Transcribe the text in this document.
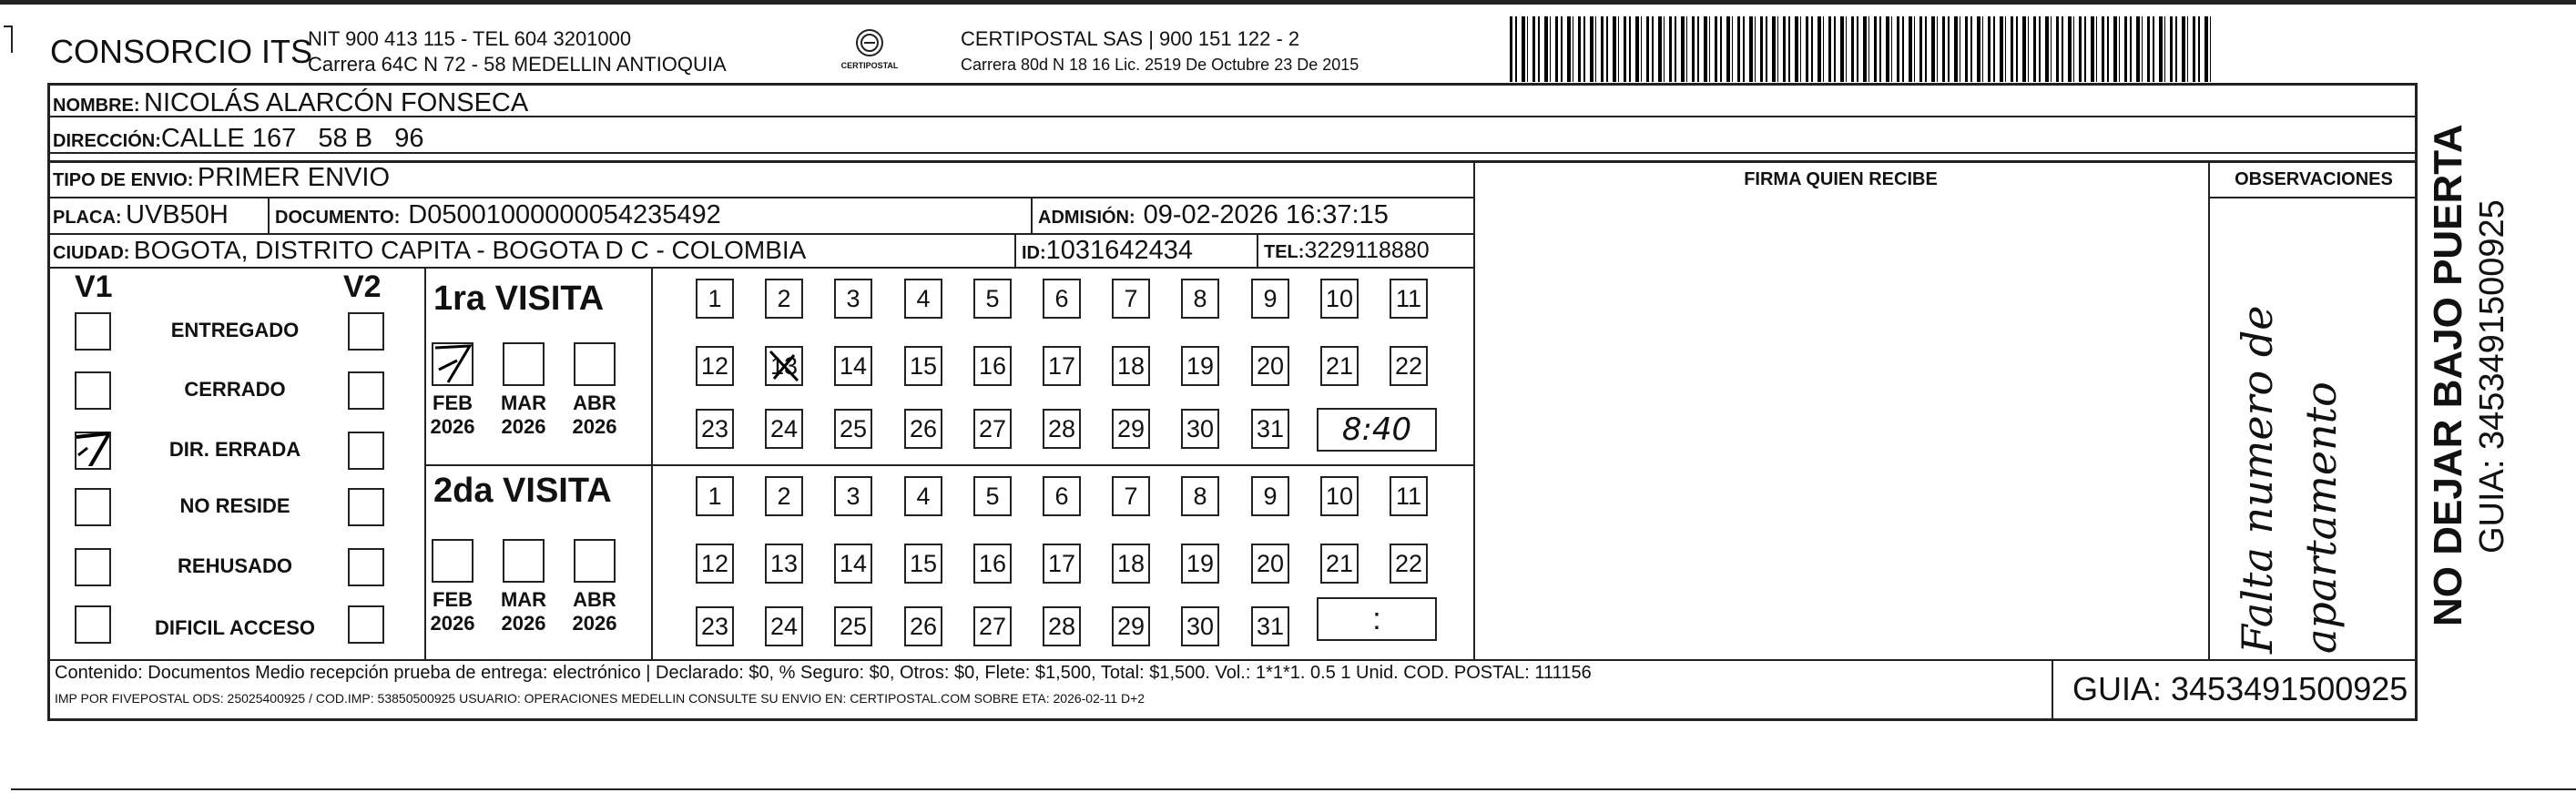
CONSORCIO ITS
NIT 900 413 115 - TEL 604 3201000
Carrera 64C N 72 - 58 MEDELLIN ANTIOQUIA	CERTIPOSTAL
CERTIPOSTAL SAS | 900 151 122 - 2
Carrera 80d N 18 16 Lic. 2519 De Octubre 23 De 2015
NOMBRE: NICOLÁS ALARCÓN FONSECA
DIRECCIÓN:CALLE 167   58 B   96
TIPO DE ENVIO: PRIMER ENVIO	FIRMA QUIEN RECIBE	OBSERVACIONES
PLACA: UVB50H	DOCUMENTO: D05001000000054235492	ADMISIÓN: 09-02-2026 16:37:15
CIUDAD: BOGOTA, DISTRITO CAPITA - BOGOTA D C - COLOMBIA	ID:1031642434	TEL:3229118880
V1	V2
ENTREGADO
CERRADO
DIR. ERRADA
NO RESIDE
REHUSADO
DIFICIL ACCESO
1ra VISITA
FEB
2026
MAR
2026
ABR
2026
1	2	3	4	5	6	7	8	9	10 11
12 13 14 15 16 17 18 19 20 21 22
23 24 25 26 27 28 29 30 31	8:40
2da VISITA
FEB
2026
MAR
2026
ABR
2026
1	2	3	4	5	6	7	8	9	10 11
12 13 14 15 16 17 18 19 20 21 22
23 24 25 26 27 28 29 30 31	:	Falta numero de apartamento
Contenido: Documentos Medio recepción prueba de entrega: electrónico | Declarado: $0, % Seguro: $0, Otros: $0, Flete: $1,500, Total: $1,500. Vol.: 1*1*1. 0.5 1 Unid. COD. POSTAL: 111156
IMP POR FIVEPOSTAL ODS: 25025400925 / COD.IMP: 53850500925 USUARIO: OPERACIONES MEDELLIN CONSULTE SU ENVIO EN: CERTIPOSTAL.COM SOBRE ETA: 2026-02-11 D+2	GUIA: 3453491500925
NO DEJAR BAJO PUERTA GUIA: 3453491500925
